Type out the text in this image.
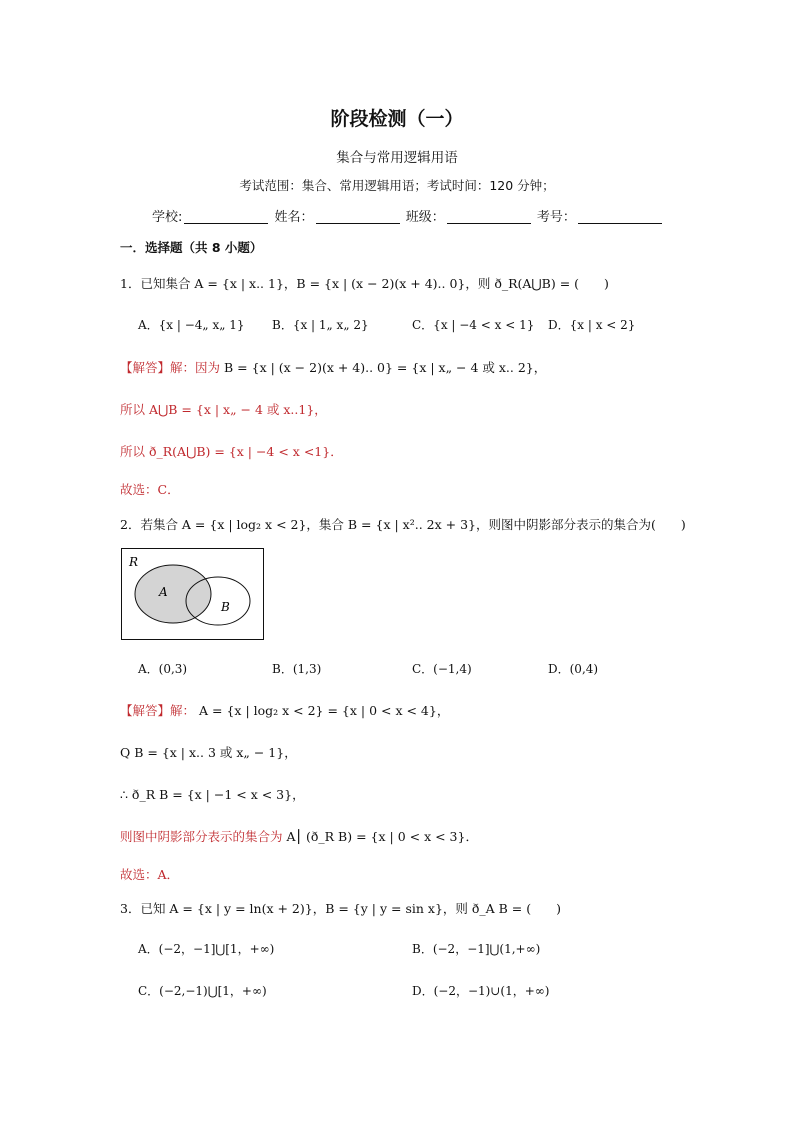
阶段检测（一）
集合与常用逻辑用语
考试范围：集合、常用逻辑用语；考试时间：120 分钟；
学校:	姓名：	班级：	考号：
一．选择题（共 8 小题）
1．已知集合 A = {x | x.. 1}，B = {x | (x − 2)(x + 4).. 0}，则 ð_R(A⋃B) = (　　)
A．{x | −4„ x„ 1} B．{x | 1„ x„ 2}	C．{x | −4 < x < 1} D．{x | x < 2}
【解答】解：因为 B = {x | (x − 2)(x + 4).. 0} = {x | x„ − 4 或 x.. 2}，
所以 A⋃B = {x | x„ − 4 或 x..1}，
所以 ð_R(A⋃B) = {x | −4 < x <1}．
故选：C．
2．若集合 A = {x | log₂ x < 2}，集合 B = {x | x².. 2x + 3}，则图中阴影部分表示的集合为(　　)
R
A
B
A．(0,3)	B．(1,3)	C．(−1,4)	D．(0,4)
【解答】解： A = {x | log₂ x < 2} = {x | 0 < x < 4}，
Q B = {x | x.. 3 或 x„ − 1}，
∴ ð_R B = {x | −1 < x < 3}，
则图中阴影部分表示的集合为 A⎮ (ð_R B) = {x | 0 < x < 3}．
故选：A．
3．已知 A = {x | y = ln(x + 2)}，B = {y | y = sin x}，则 ð_A B = (　　)
A．(−2，−1]⋃[1，+∞)	B．(−2，−1]⋃(1,+∞)
C．(−2,−1)⋃[1，+∞)	D．(−2，−1)∪(1，+∞)
